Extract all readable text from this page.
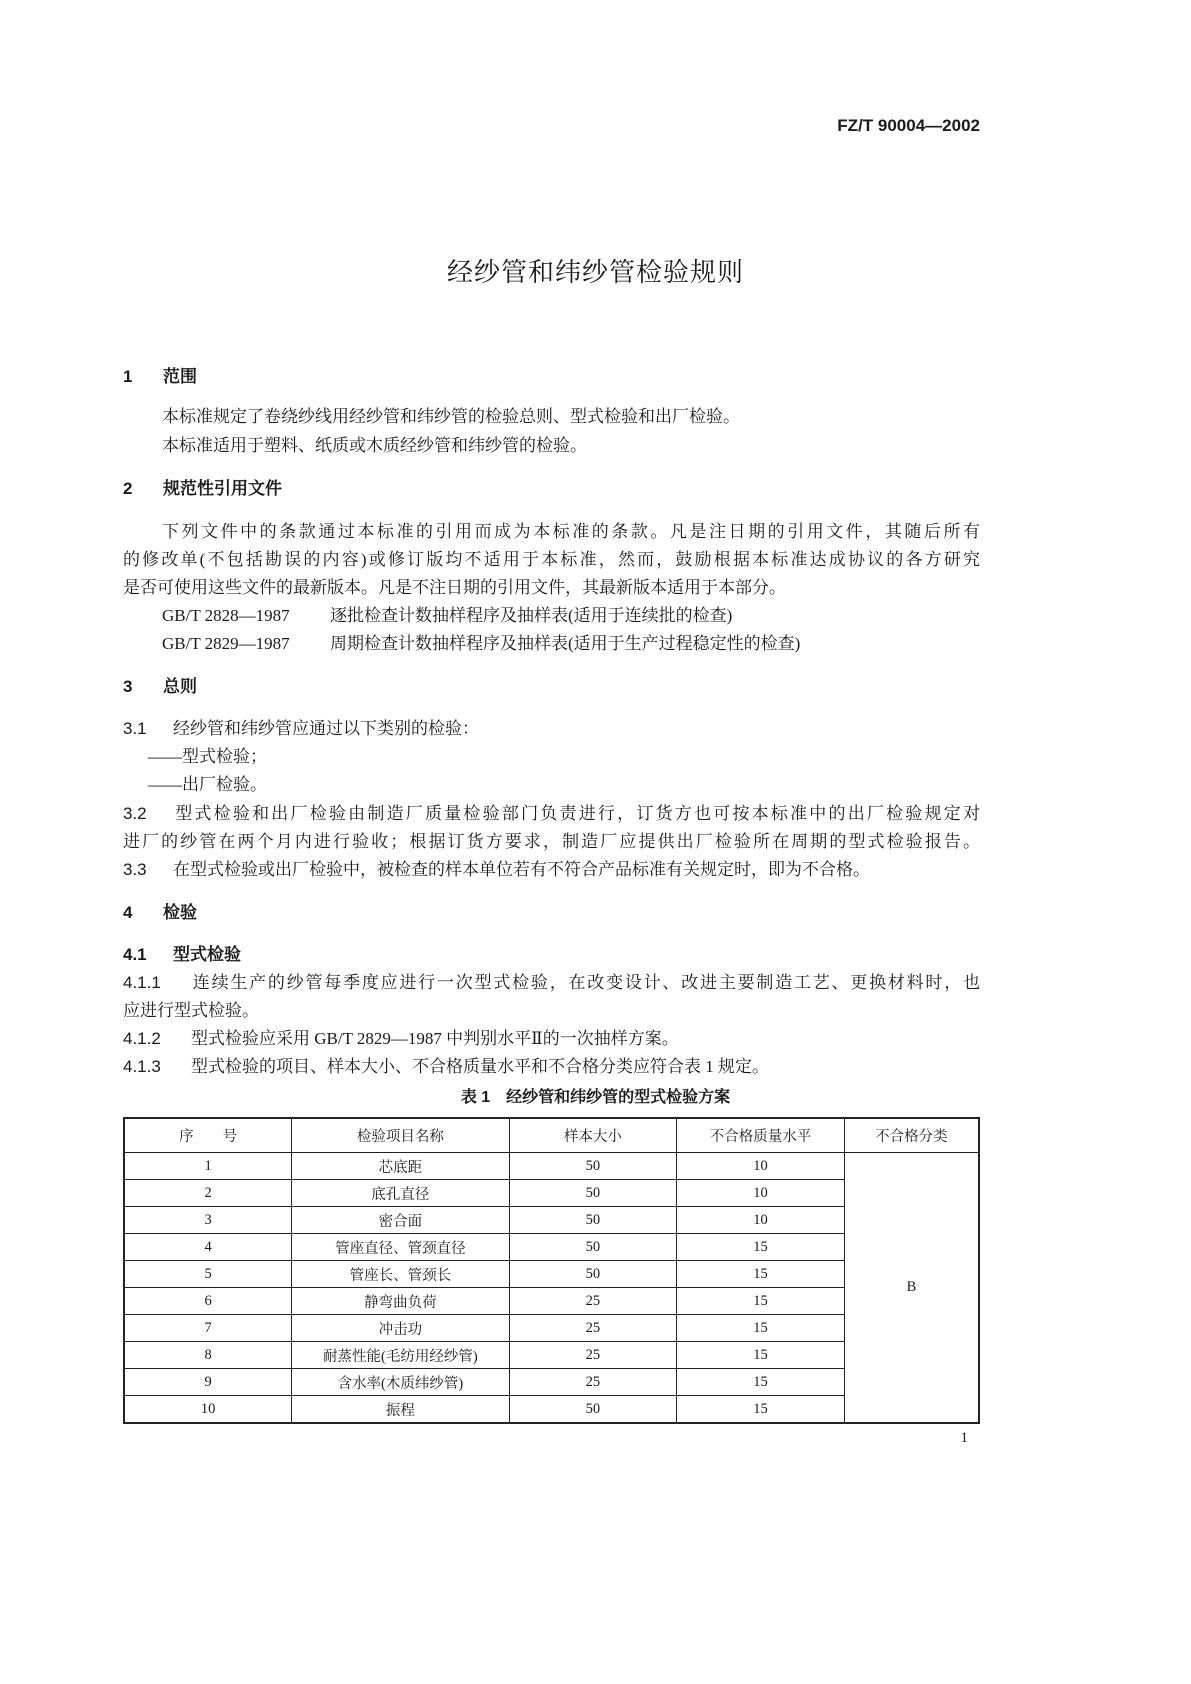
FZ/T 90004—2002
经纱管和纬纱管检验规则
1 范围
本标准规定了卷绕纱线用经纱管和纬纱管的检验总则、型式检验和出厂检验。
本标准适用于塑料、纸质或木质经纱管和纬纱管的检验。
2 规范性引用文件
下列文件中的条款通过本标准的引用而成为本标准的条款。凡是注日期的引用文件，其随后所有
的修改单(不包括勘误的内容)或修订版均不适用于本标准，然而，鼓励根据本标准达成协议的各方研究
是否可使用这些文件的最新版本。凡是不注日期的引用文件，其最新版本适用于本部分。
GB/T 2828—1987 逐批检查计数抽样程序及抽样表(适用于连续批的检查)
GB/T 2829—1987 周期检查计数抽样程序及抽样表(适用于生产过程稳定性的检查)
3 总则
3.1 经纱管和纬纱管应通过以下类别的检验：
——型式检验；
——出厂检验。
3.2 型式检验和出厂检验由制造厂质量检验部门负责进行，订货方也可按本标准中的出厂检验规定对
进厂的纱管在两个月内进行验收；根据订货方要求，制造厂应提供出厂检验所在周期的型式检验报告。
3.3 在型式检验或出厂检验中，被检查的样本单位若有不符合产品标准有关规定时，即为不合格。
4 检验
4.1 型式检验
4.1.1 连续生产的纱管每季度应进行一次型式检验，在改变设计、改进主要制造工艺、更换材料时，也
应进行型式检验。
4.1.2 型式检验应采用 GB/T 2829—1987 中判别水平Ⅱ的一次抽样方案。
4.1.3 型式检验的项目、样本大小、不合格质量水平和不合格分类应符合表 1 规定。
表 1　经纱管和纬纱管的型式检验方案
序　　号	检验项目名称	样本大小	不合格质量水平	不合格分类
1	芯底距	50	10	B
2	底孔直径	50	10	
3	密合面	50	10	
4	管座直径、管颈直径	50	15	
5	管座长、管颈长	50	15	
6	静弯曲负荷	25	15	
7	冲击功	25	15	
8	耐蒸性能(毛纺用经纱管)	25	15	
9	含水率(木质纬纱管)	25	15	
10	振程	50	15	
1
